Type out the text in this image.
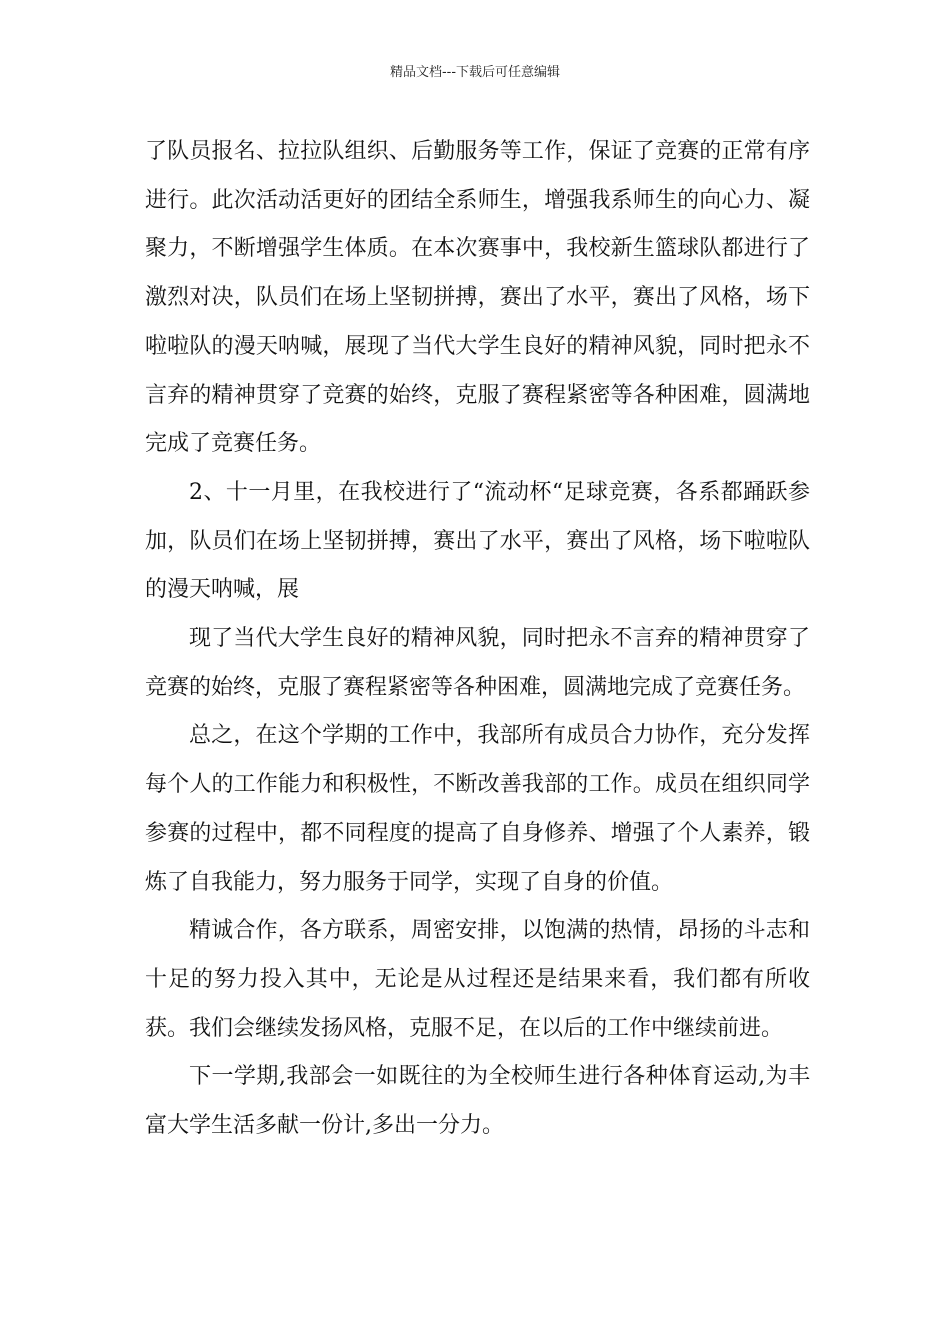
精品文档---下载后可任意编辑

了队员报名、拉拉队组织、后勤服务等工作，保证了竞赛的正常有序进行。此次活动活更好的团结全系师生，增强我系师生的向心力、凝聚力，不断增强学生体质。在本次赛事中，我校新生篮球队都进行了激烈对决，队员们在场上坚韧拼搏，赛出了水平，赛出了风格，场下啦啦队的漫天呐喊，展现了当代大学生良好的精神风貌，同时把永不言弃的精神贯穿了竞赛的始终，克服了赛程紧密等各种困难，圆满地完成了竞赛任务。

2、十一月里，在我校进行了“流动杯“足球竞赛，各系都踊跃参加，队员们在场上坚韧拼搏，赛出了水平，赛出了风格，场下啦啦队的漫天呐喊，展

现了当代大学生良好的精神风貌，同时把永不言弃的精神贯穿了竞赛的始终，克服了赛程紧密等各种困难，圆满地完成了竞赛任务。

总之，在这个学期的工作中，我部所有成员合力协作，充分发挥每个人的工作能力和积极性，不断改善我部的工作。成员在组织同学参赛的过程中，都不同程度的提高了自身修养、增强了个人素养，锻炼了自我能力，努力服务于同学，实现了自身的价值。

精诚合作，各方联系，周密安排，以饱满的热情，昂扬的斗志和十足的努力投入其中，无论是从过程还是结果来看，我们都有所收获。我们会继续发扬风格，克服不足，在以后的工作中继续前进。

下一学期,我部会一如既往的为全校师生进行各种体育运动,为丰富大学生活多献一份计,多出一分力。
